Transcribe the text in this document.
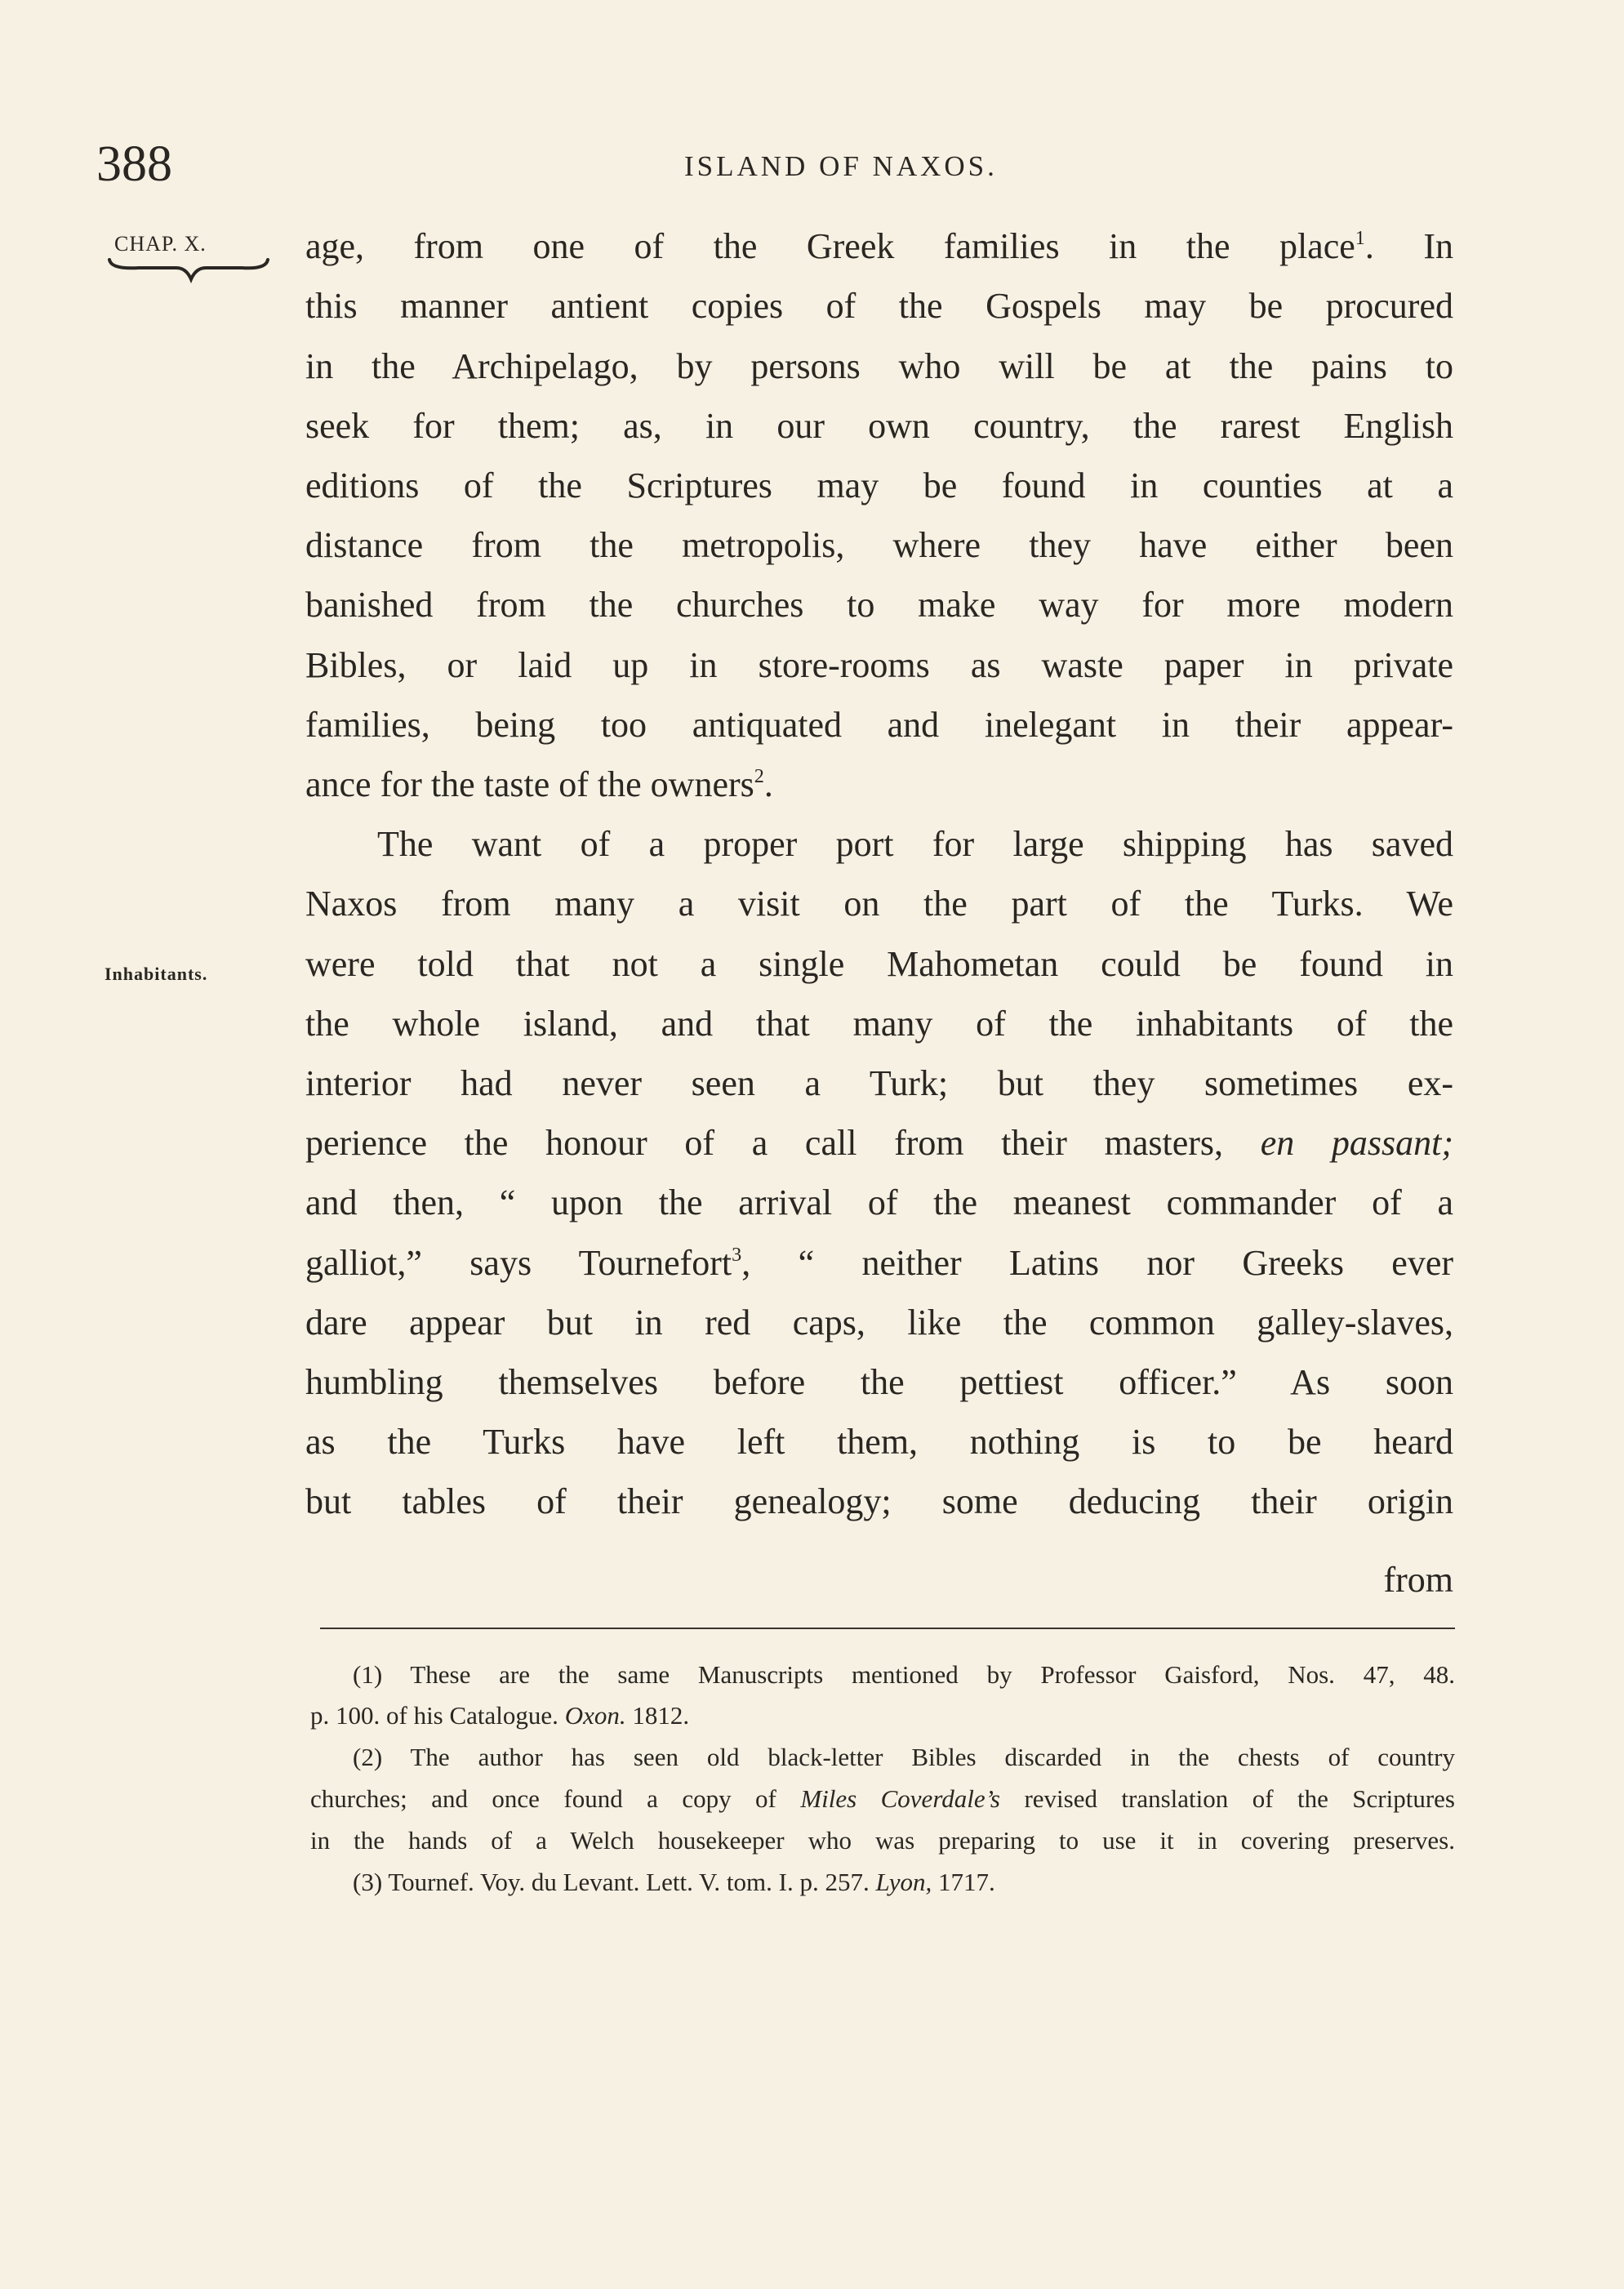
388	ISLAND OF NAXOS.
CHAP. X.
Inhabitants.
age, from one of the Greek families in the place$^1$. In
this manner antient copies of the Gospels may be procured
in the Archipelago, by persons who will be at the pains to
seek for them; as, in our own country, the rarest English
editions of the Scriptures may be found in counties at a
distance from the metropolis, where they have either been
banished from the churches to make way for more modern
Bibles, or laid up in store-rooms as waste paper in private
families, being too antiquated and inelegant in their appear-
ance for the taste of the owners$^2$.
The want of a proper port for large shipping has saved
Naxos from many a visit on the part of the Turks. We
were told that not a single Mahometan could be found in
the whole island, and that many of the inhabitants of the
interior had never seen a Turk; but they sometimes ex-
perience the honour of a call from their masters, en passant;
and then, “ upon the arrival of the meanest commander of a
galliot,” says Tournefort$^3$, “ neither Latins nor Greeks ever
dare appear but in red caps, like the common galley-slaves,
humbling themselves before the pettiest officer.” As soon
as the Turks have left them, nothing is to be heard
but tables of their genealogy; some deducing their origin
from
(1) These are the same Manuscripts mentioned by Professor Gaisford, Nos. 47, 48.
p. 100. of his Catalogue. Oxon. 1812.
(2) The author has seen old black-letter Bibles discarded in the chests of country
churches; and once found a copy of Miles Coverdale’s revised translation of the Scriptures
in the hands of a Welch housekeeper who was preparing to use it in covering preserves.
(3) Tournef. Voy. du Levant. Lett. V. tom. I. p. 257. Lyon, 1717.
